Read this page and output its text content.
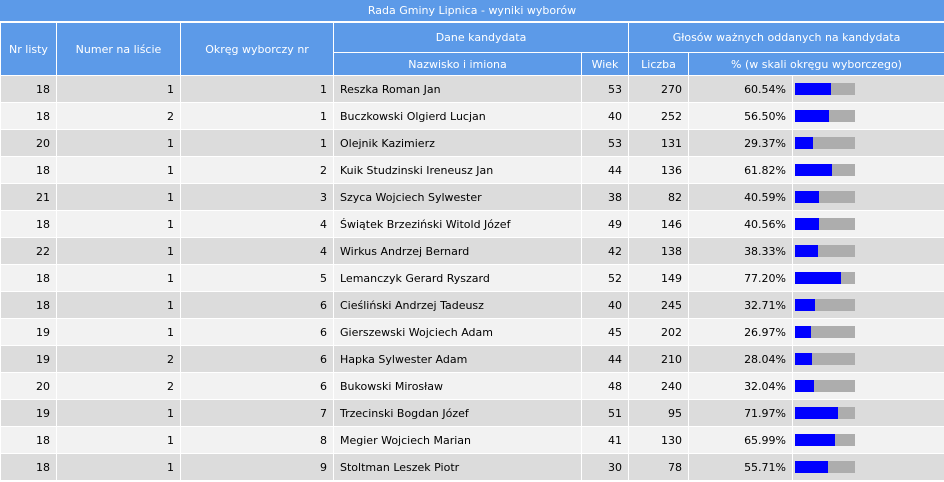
Rada Gminy Lipnica - wyniki wyborów
Nr listy	Numer na liście	Okręg wyborczy nr	Dane kandydata		Głosów ważnych oddanych na kandydata		
			Nazwisko i imiona	Wiek	Liczba	% (w skali okręgu wyborczego)	
18	1	1	Reszka Roman Jan	53	270	60.54%	

18	2	1	Buczkowski Olgierd Lucjan	40	252	56.50%	

20	1	1	Olejnik Kazimierz	53	131	29.37%	

18	1	2	Kuik Studzinski Ireneusz Jan	44	136	61.82%	

21	1	3	Szyca Wojciech Sylwester	38	82	40.59%	

18	1	4	Świątek Brzeziński Witold Józef	49	146	40.56%	

22	1	4	Wirkus Andrzej Bernard	42	138	38.33%	

18	1	5	Lemanczyk Gerard Ryszard	52	149	77.20%	

18	1	6	Cieśliński Andrzej Tadeusz	40	245	32.71%	

19	1	6	Gierszewski Wojciech Adam	45	202	26.97%	

19	2	6	Hapka Sylwester Adam	44	210	28.04%	

20	2	6	Bukowski Mirosław	48	240	32.04%	

19	1	7	Trzecinski Bogdan Józef	51	95	71.97%	

18	1	8	Megier Wojciech Marian	41	130	65.99%	

18	1	9	Stoltman Leszek Piotr	30	78	55.71%	
